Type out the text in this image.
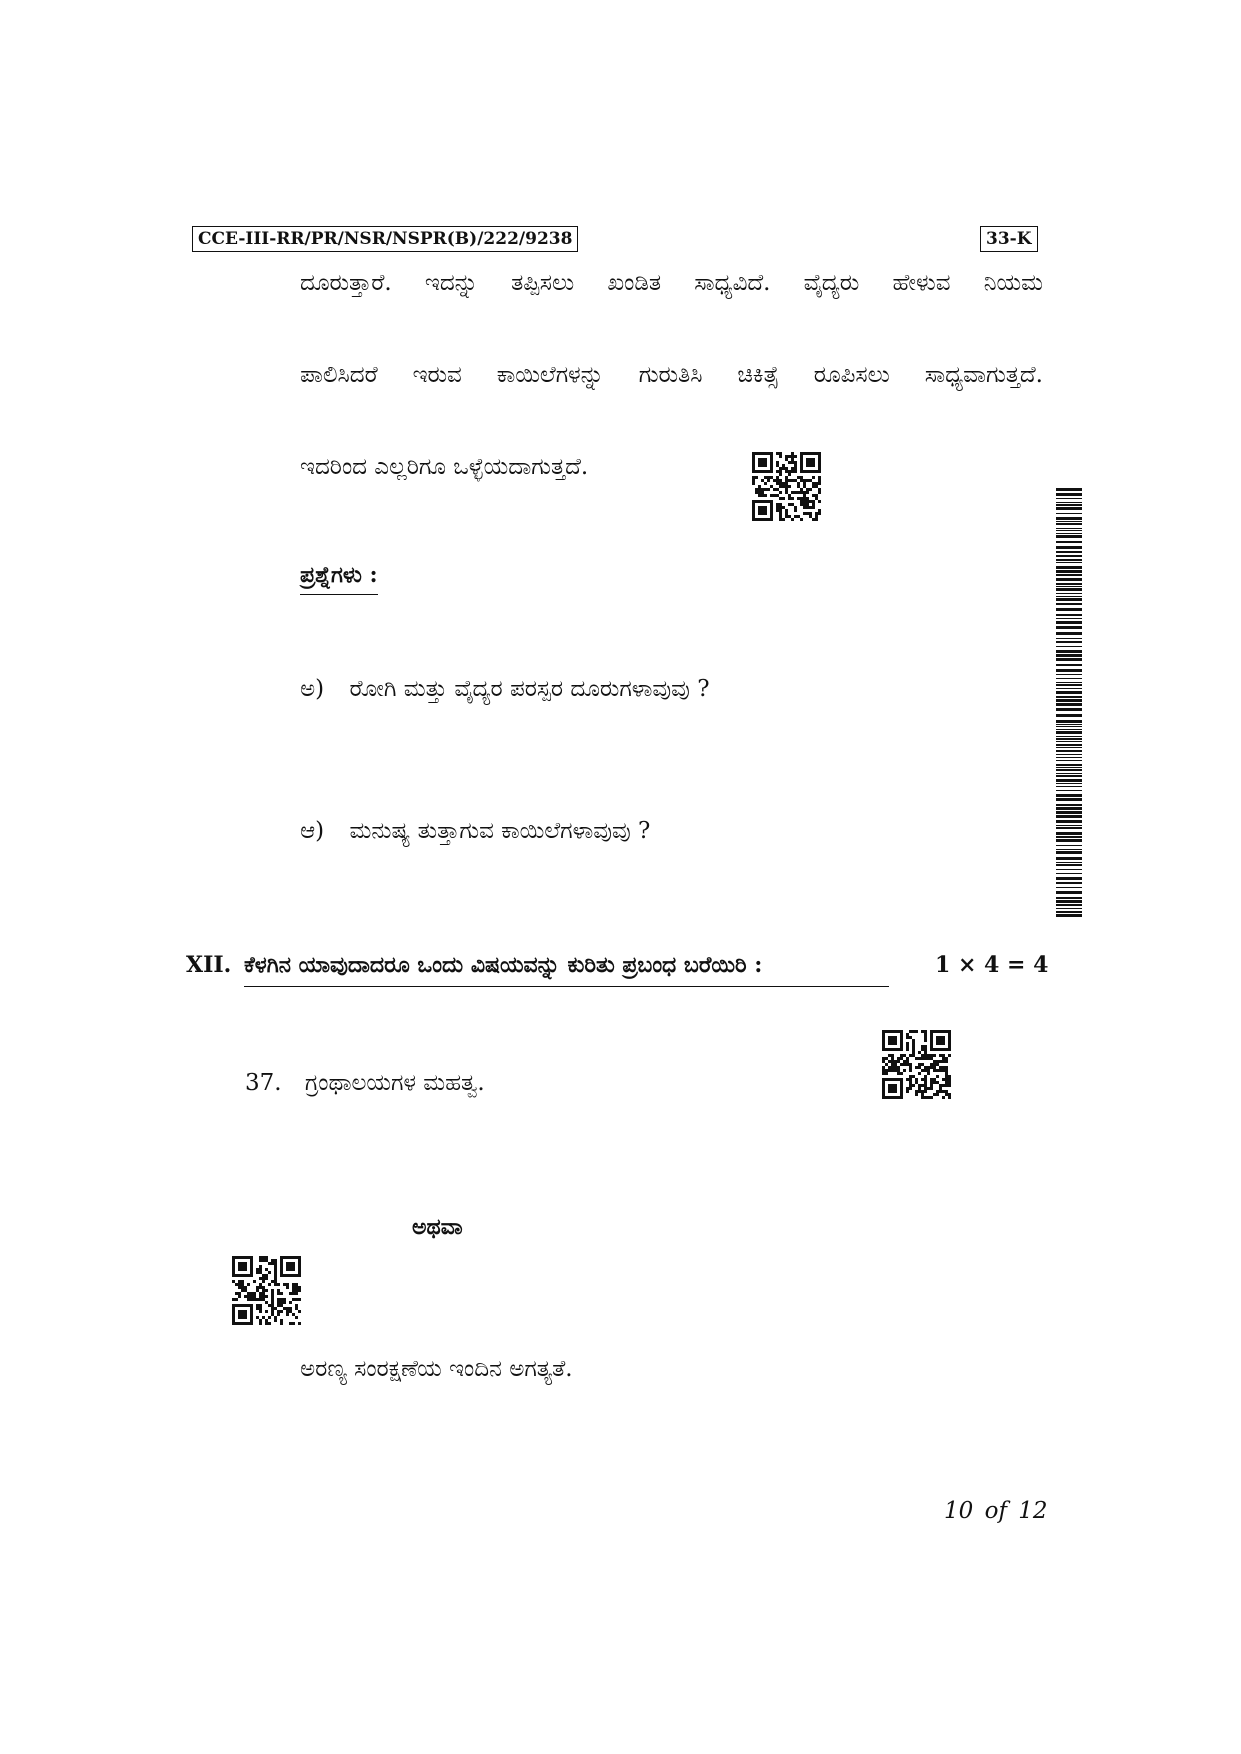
CCE-III-RR/PR/NSR/NSPR(B)/222/9238	33-K
ದೂರುತ್ತಾರೆ. ಇದನ್ನು ತಪ್ಪಿಸಲು ಖಂಡಿತ ಸಾಧ್ಯವಿದೆ. ವೈದ್ಯರು ಹೇಳುವ ನಿಯಮ
ಪಾಲಿಸಿದರೆ ಇರುವ ಕಾಯಿಲೆಗಳನ್ನು ಗುರುತಿಸಿ ಚಿಕಿತ್ಸೆ ರೂಪಿಸಲು ಸಾಧ್ಯವಾಗುತ್ತದೆ.
ಇದರಿಂದ ಎಲ್ಲರಿಗೂ ಒಳ್ಳೆಯದಾಗುತ್ತದೆ.
ಪ್ರಶ್ನೆಗಳು :
ಅ) ರೋಗಿ ಮತ್ತು ವೈದ್ಯರ ಪರಸ್ಪರ ದೂರುಗಳಾವುವು ?
ಆ) ಮನುಷ್ಯ ತುತ್ತಾಗುವ ಕಾಯಿಲೆಗಳಾವುವು ?
XII. ಕೆಳಗಿನ ಯಾವುದಾದರೂ ಒಂದು ವಿಷಯವನ್ನು ಕುರಿತು ಪ್ರಬಂಧ ಬರೆಯಿರಿ :	1 × 4 = 4
37. ಗ್ರಂಥಾಲಯಗಳ ಮಹತ್ವ.
ಅಥವಾ
ಅರಣ್ಯ ಸಂರಕ್ಷಣೆಯ ಇಂದಿನ ಅಗತ್ಯತೆ.
10 of 12
